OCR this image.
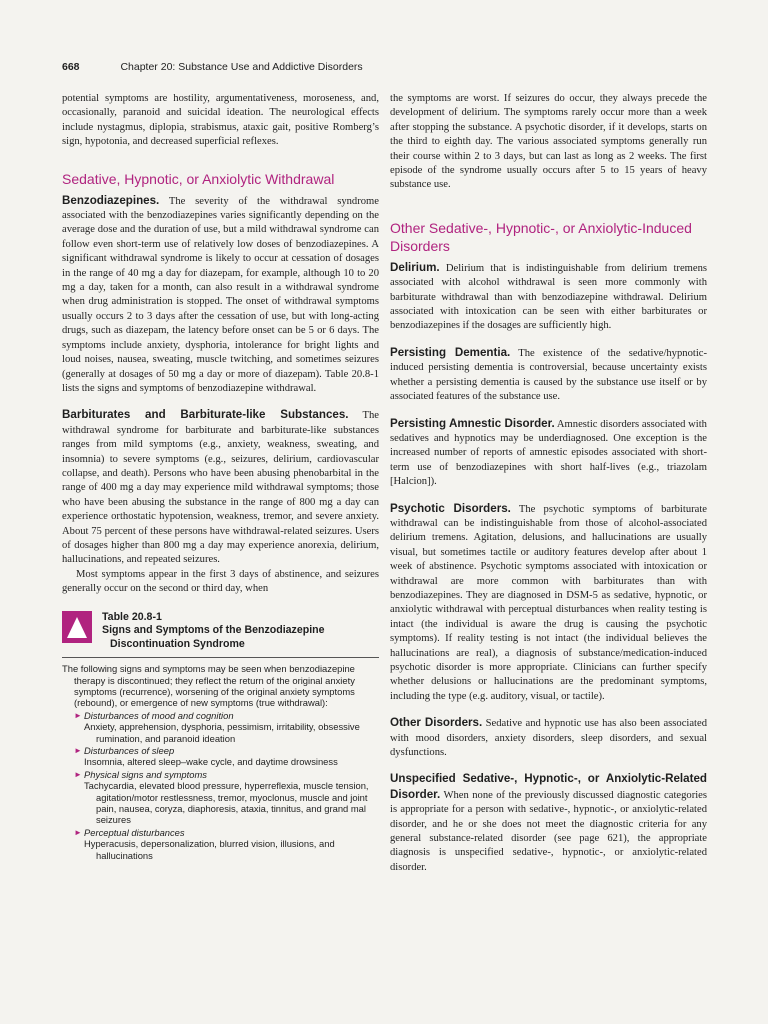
668	Chapter 20: Substance Use and Addictive Disorders

potential symptoms are hostility, argumentativeness, moroseness, and, occasionally, paranoid and suicidal ideation. The neurological effects include nystagmus, diplopia, strabismus, ataxic gait, positive Romberg’s sign, hypotonia, and decreased superficial reflexes.

Sedative, Hypnotic, or Anxiolytic Withdrawal

Benzodiazepines. The severity of the withdrawal syndrome associated with the benzodiazepines varies significantly depending on the average dose and the duration of use, but a mild withdrawal syndrome can follow even short-term use of relatively low doses of benzodiazepines. A significant withdrawal syndrome is likely to occur at cessation of dosages in the range of 40 mg a day for diazepam, for example, although 10 to 20 mg a day, taken for a month, can also result in a withdrawal syndrome when drug administration is stopped. The onset of withdrawal symptoms usually occurs 2 to 3 days after the cessation of use, but with long-acting drugs, such as diazepam, the latency before onset can be 5 or 6 days. The symptoms include anxiety, dysphoria, intolerance for bright lights and loud noises, nausea, sweating, muscle twitching, and sometimes seizures (generally at dosages of 50 mg a day or more of diazepam). Table 20.8-1 lists the signs and symptoms of benzodiazepine withdrawal.

Barbiturates and Barbiturate-like Substances. The withdrawal syndrome for barbiturate and barbiturate-like substances ranges from mild symptoms (e.g., anxiety, weakness, sweating, and insomnia) to severe symptoms (e.g., seizures, delirium, cardiovascular collapse, and death). Persons who have been abusing phenobarbital in the range of 400 mg a day may experience mild withdrawal symptoms; those who have been abusing the substance in the range of 800 mg a day can experience orthostatic hypotension, weakness, tremor, and severe anxiety. About 75 percent of these persons have withdrawal-related seizures. Users of dosages higher than 800 mg a day may experience anorexia, delirium, hallucinations, and repeated seizures.

Most symptoms appear in the first 3 days of abstinence, and seizures generally occur on the second or third day, when

Table 20.8-1
Signs and Symptoms of the Benzodiazepine
Discontinuation Syndrome
The following signs and symptoms may be seen when benzodiazepine therapy is discontinued; they reflect the return of the original anxiety symptoms (recurrence), worsening of the original anxiety symptoms (rebound), or emergence of new symptoms (true withdrawal):
► Disturbances of mood and cognition
Anxiety, apprehension, dysphoria, pessimism, irritability, obsessive rumination, and paranoid ideation
► Disturbances of sleep
Insomnia, altered sleep–wake cycle, and daytime drowsiness
► Physical signs and symptoms
Tachycardia, elevated blood pressure, hyperreflexia, muscle tension, agitation/motor restlessness, tremor, myoclonus, muscle and joint pain, nausea, coryza, diaphoresis, ataxia, tinnitus, and grand mal seizures
► Perceptual disturbances
Hyperacusis, depersonalization, blurred vision, illusions, and hallucinations

the symptoms are worst. If seizures do occur, they always precede the development of delirium. The symptoms rarely occur more than a week after stopping the substance. A psychotic disorder, if it develops, starts on the third to eighth day. The various associated symptoms generally run their course within 2 to 3 days, but can last as long as 2 weeks. The first episode of the syndrome usually occurs after 5 to 15 years of heavy substance use.

Other Sedative-, Hypnotic-, or Anxiolytic-Induced Disorders

Delirium. Delirium that is indistinguishable from delirium tremens associated with alcohol withdrawal is seen more commonly with barbiturate withdrawal than with benzodiazepine withdrawal. Delirium associated with intoxication can be seen with either barbiturates or benzodiazepines if the dosages are sufficiently high.

Persisting Dementia. The existence of the sedative/hypnotic-induced persisting dementia is controversial, because uncertainty exists whether a persisting dementia is caused by the substance use itself or by associated features of the substance use.

Persisting Amnestic Disorder. Amnestic disorders associated with sedatives and hypnotics may be underdiagnosed. One exception is the increased number of reports of amnestic episodes associated with short-term use of benzodiazepines with short half-lives (e.g., triazolam [Halcion]).

Psychotic Disorders. The psychotic symptoms of barbiturate withdrawal can be indistinguishable from those of alcohol-associated delirium tremens. Agitation, delusions, and hallucinations are usually visual, but sometimes tactile or auditory features develop after about 1 week of abstinence. Psychotic symptoms associated with intoxication or withdrawal are more common with barbiturates than with benzodiazepines. They are diagnosed in DSM-5 as sedative, hypnotic, or anxiolytic withdrawal with perceptual disturbances when reality testing is intact (the individual is aware the drug is causing the psychotic symptoms). If reality testing is not intact (the individual believes the hallucinations are real), a diagnosis of substance/medication-induced psychotic disorder is more appropriate. Clinicians can further specify whether delusions or hallucinations are the predominant symptoms, including the type (e.g. auditory, visual, or tactile).

Other Disorders. Sedative and hypnotic use has also been associated with mood disorders, anxiety disorders, sleep disorders, and sexual dysfunctions.

Unspecified Sedative-, Hypnotic-, or Anxiolytic-Related Disorder. When none of the previously discussed diagnostic categories is appropriate for a person with sedative-, hypnotic-, or anxiolytic-related disorder, and he or she does not meet the diagnostic criteria for any general substance-related disorder (see page 621), the appropriate diagnosis is unspecified sedative-, hypnotic-, or anxiolytic-related disorder.
